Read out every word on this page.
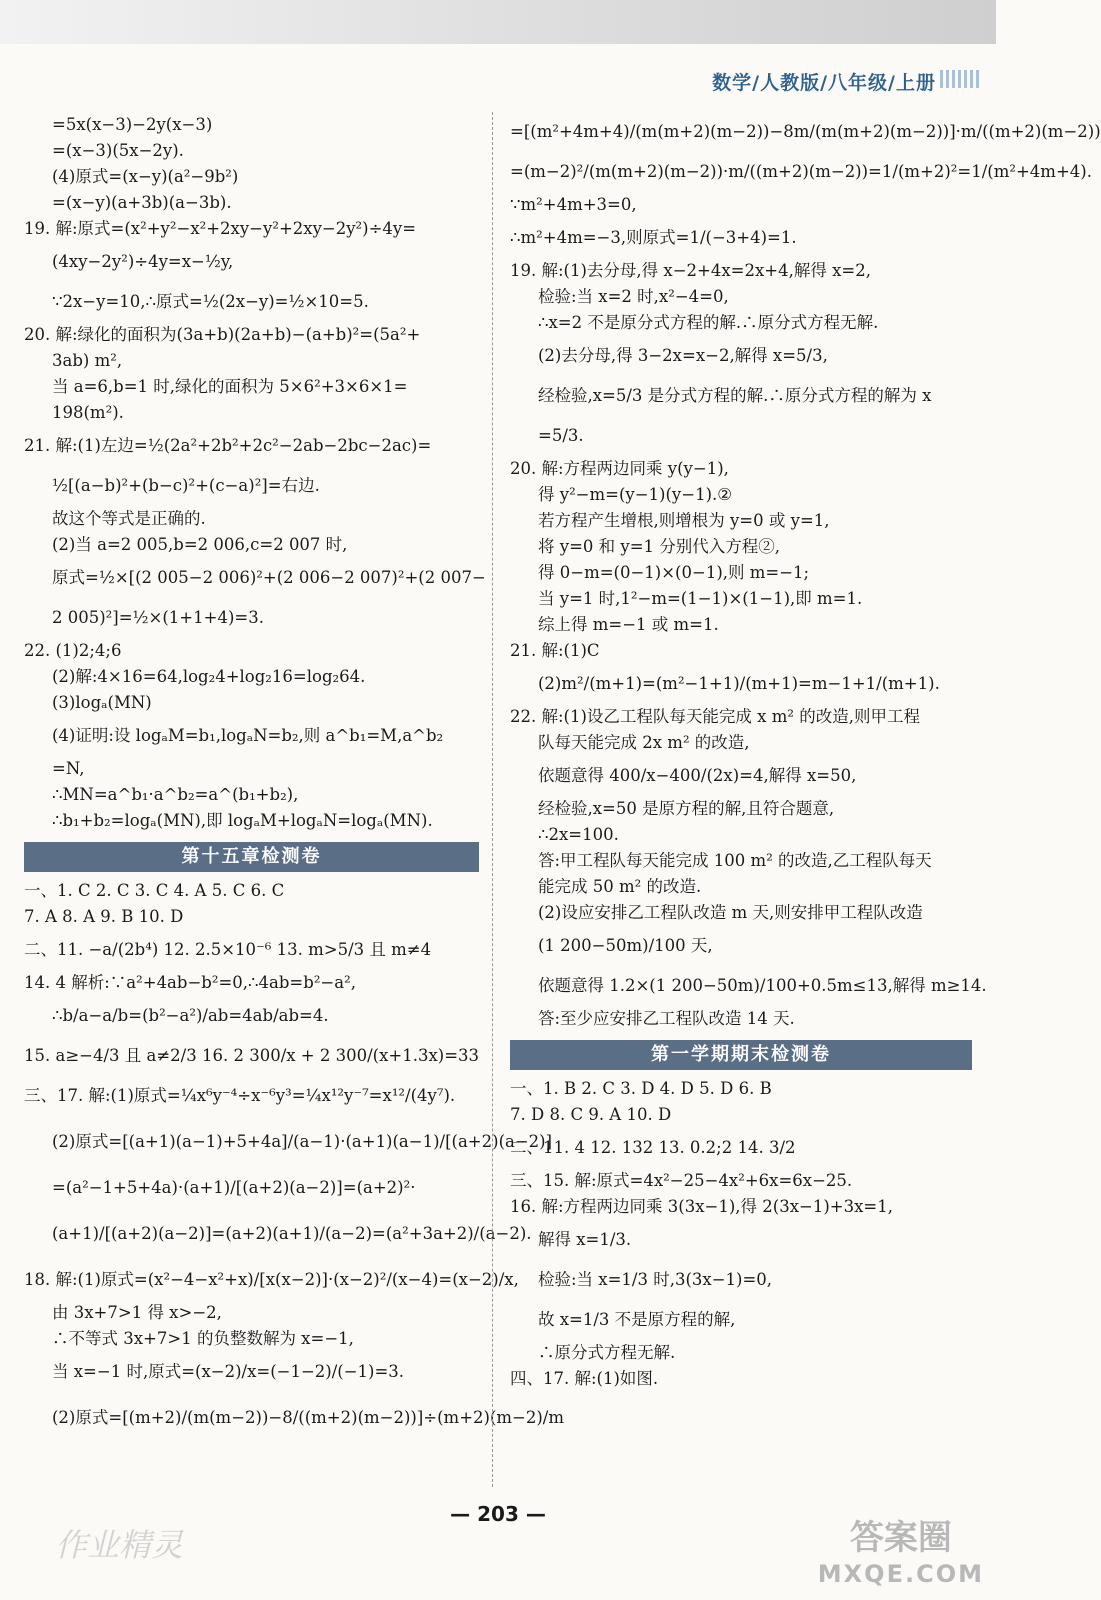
数学/人教版/八年级/上册
=5x(x−3)−2y(x−3)
=(x−3)(5x−2y).
(4)原式=(x−y)(a²−9b²)
=(x−y)(a+3b)(a−3b).
19. 解:原式=(x²+y²−x²+2xy−y²+2xy−2y²)÷4y=
(4xy−2y²)÷4y=x−½y,
∵2x−y=10,∴原式=½(2x−y)=½×10=5.
20. 解:绿化的面积为(3a+b)(2a+b)−(a+b)²=(5a²+
3ab) m²,
当 a=6,b=1 时,绿化的面积为 5×6²+3×6×1=
198(m²).
21. 解:(1)左边=½(2a²+2b²+2c²−2ab−2bc−2ac)=
½[(a−b)²+(b−c)²+(c−a)²]=右边.
故这个等式是正确的.
(2)当 a=2 005,b=2 006,c=2 007 时,
原式=½×[(2 005−2 006)²+(2 006−2 007)²+(2 007−
2 005)²]=½×(1+1+4)=3.
22. (1)2;4;6
(2)解:4×16=64,log₂4+log₂16=log₂64.
(3)logₐ(MN)
(4)证明:设 logₐM=b₁,logₐN=b₂,则 a^b₁=M,a^b₂
=N,
∴MN=a^b₁·a^b₂=a^(b₁+b₂),
∴b₁+b₂=logₐ(MN),即 logₐM+logₐN=logₐ(MN).
第十五章检测卷
一、1. C 2. C 3. C 4. A 5. C 6. C
7. A 8. A 9. B 10. D
二、11. −a/(2b⁴) 12. 2.5×10⁻⁶ 13. m>5/3 且 m≠4
14. 4 解析:∵a²+4ab−b²=0,∴4ab=b²−a²,
∴b/a−a/b=(b²−a²)/ab=4ab/ab=4.
15. a≥−4/3 且 a≠2/3 16. 2 300/x + 2 300/(x+1.3x)=33
三、17. 解:(1)原式=¼x⁶y⁻⁴÷x⁻⁶y³=¼x¹²y⁻⁷=x¹²/(4y⁷).
(2)原式=[(a+1)(a−1)+5+4a]/(a−1)·(a+1)(a−1)/[(a+2)(a−2)]
=(a²−1+5+4a)·(a+1)/[(a+2)(a−2)]=(a+2)²·
(a+1)/[(a+2)(a−2)]=(a+2)(a+1)/(a−2)=(a²+3a+2)/(a−2).
18. 解:(1)原式=(x²−4−x²+x)/[x(x−2)]·(x−2)²/(x−4)=(x−2)/x,
由 3x+7>1 得 x>−2,
∴不等式 3x+7>1 的负整数解为 x=−1,
当 x=−1 时,原式=(x−2)/x=(−1−2)/(−1)=3.
(2)原式=[(m+2)/(m(m−2))−8/((m+2)(m−2))]÷(m+2)(m−2)/m
=[(m²+4m+4)/(m(m+2)(m−2))−8m/(m(m+2)(m−2))]·m/((m+2)(m−2))
=(m−2)²/(m(m+2)(m−2))·m/((m+2)(m−2))=1/(m+2)²=1/(m²+4m+4).
∵m²+4m+3=0,
∴m²+4m=−3,则原式=1/(−3+4)=1.
19. 解:(1)去分母,得 x−2+4x=2x+4,解得 x=2,
检验:当 x=2 时,x²−4=0,
∴x=2 不是原分式方程的解.∴原分式方程无解.
(2)去分母,得 3−2x=x−2,解得 x=5/3,
经检验,x=5/3 是分式方程的解.∴原分式方程的解为 x
=5/3.
20. 解:方程两边同乘 y(y−1),
得 y²−m=(y−1)(y−1).②
若方程产生增根,则增根为 y=0 或 y=1,
将 y=0 和 y=1 分别代入方程②,
得 0−m=(0−1)×(0−1),则 m=−1;
当 y=1 时,1²−m=(1−1)×(1−1),即 m=1.
综上得 m=−1 或 m=1.
21. 解:(1)C
(2)m²/(m+1)=(m²−1+1)/(m+1)=m−1+1/(m+1).
22. 解:(1)设乙工程队每天能完成 x m² 的改造,则甲工程
队每天能完成 2x m² 的改造,
依题意得 400/x−400/(2x)=4,解得 x=50,
经检验,x=50 是原方程的解,且符合题意,
∴2x=100.
答:甲工程队每天能完成 100 m² 的改造,乙工程队每天
能完成 50 m² 的改造.
(2)设应安排乙工程队改造 m 天,则安排甲工程队改造
(1 200−50m)/100 天,
依题意得 1.2×(1 200−50m)/100+0.5m≤13,解得 m≥14.
答:至少应安排乙工程队改造 14 天.
第一学期期末检测卷
一、1. B 2. C 3. D 4. D 5. D 6. B
7. D 8. C 9. A 10. D
二、11. 4 12. 132 13. 0.2;2 14. 3/2
三、15. 解:原式=4x²−25−4x²+6x=6x−25.
16. 解:方程两边同乘 3(3x−1),得 2(3x−1)+3x=1,
解得 x=1/3.
检验:当 x=1/3 时,3(3x−1)=0,
故 x=1/3 不是原方程的解,
∴原分式方程无解.
四、17. 解:(1)如图.
— 203 —
作业精灵	答案圈
MXQE.COM
